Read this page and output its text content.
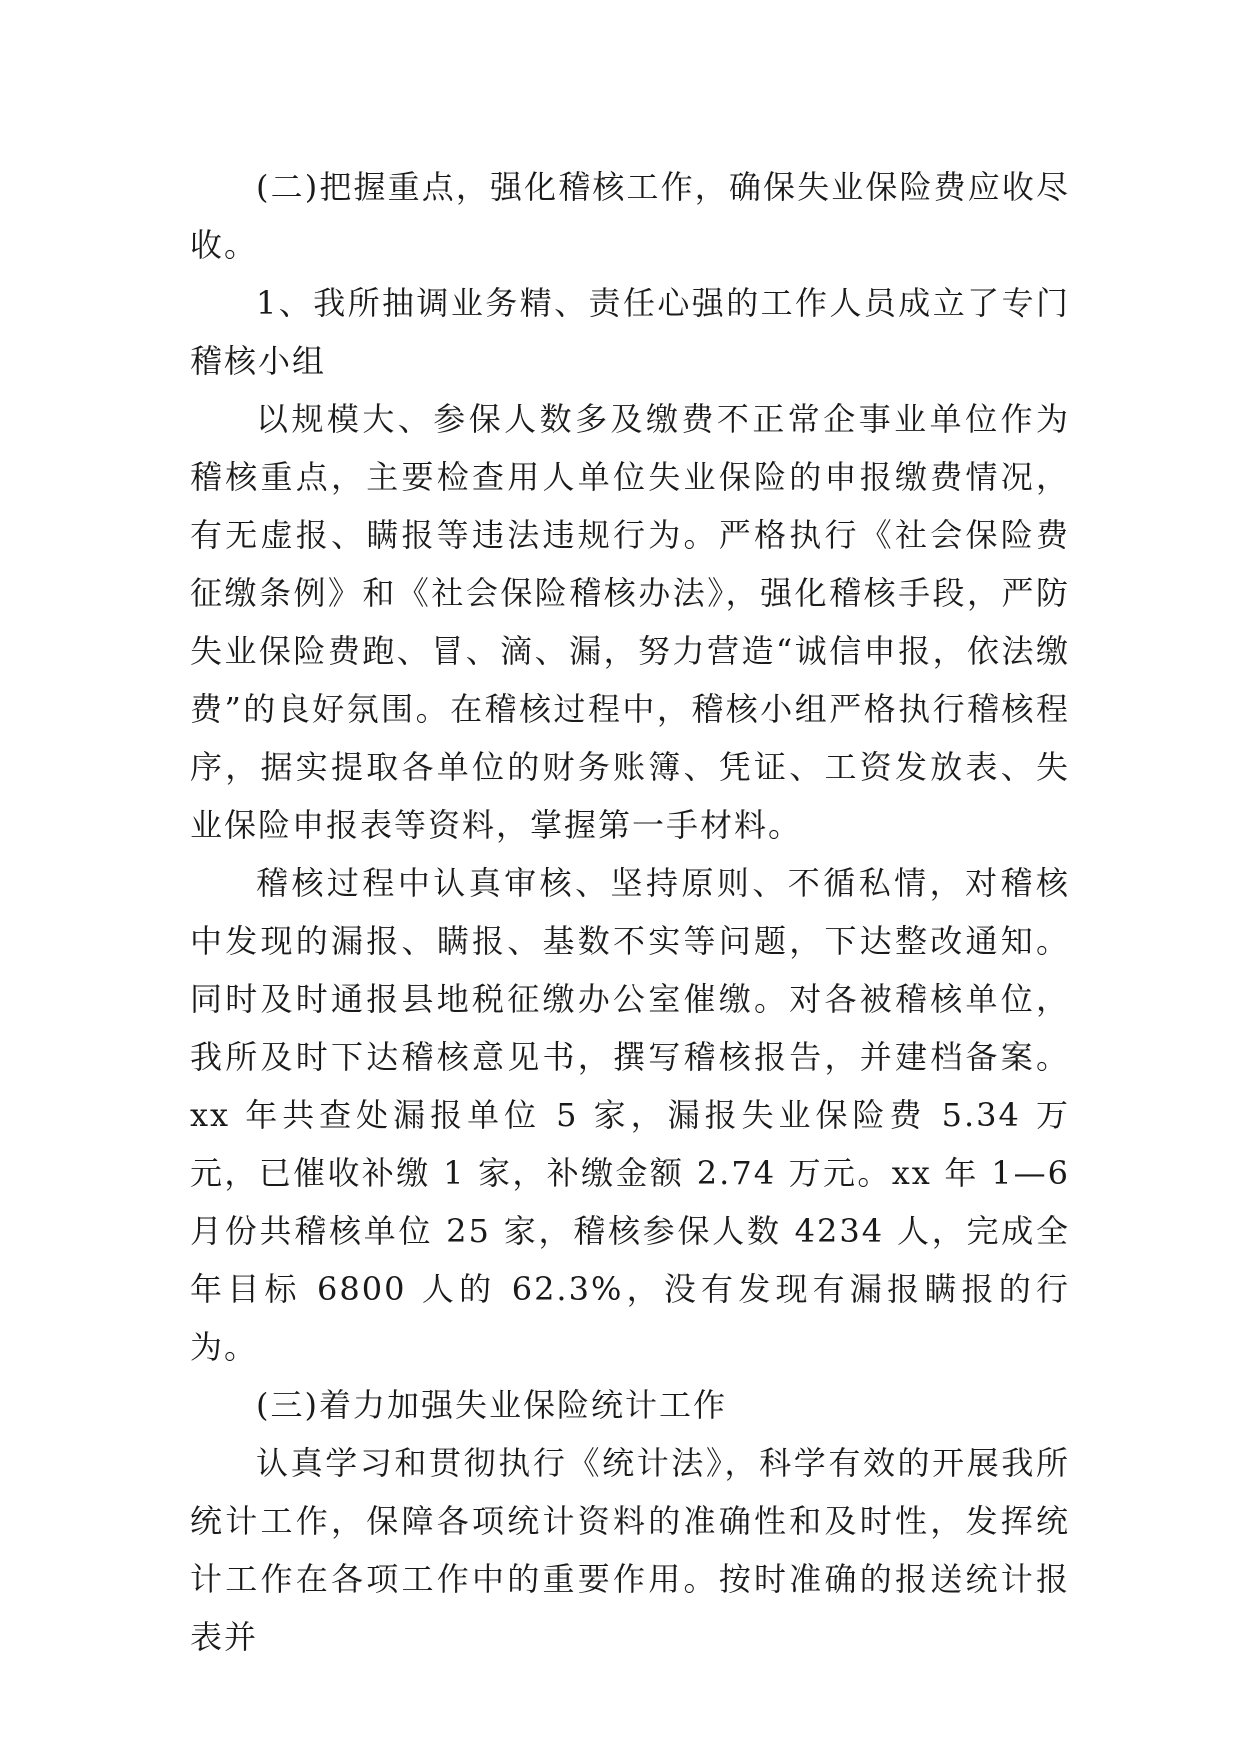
(二)把握重点，强化稽核工作，确保失业保险费应收尽收。

1、我所抽调业务精、责任心强的工作人员成立了专门稽核小组

以规模大、参保人数多及缴费不正常企事业单位作为稽核重点，主要检查用人单位失业保险的申报缴费情况，有无虚报、瞒报等违法违规行为。严格执行《社会保险费征缴条例》和《社会保险稽核办法》，强化稽核手段，严防失业保险费跑、冒、滴、漏，努力营造“诚信申报，依法缴费”的良好氛围。在稽核过程中，稽核小组严格执行稽核程序，据实提取各单位的财务账簿、凭证、工资发放表、失业保险申报表等资料，掌握第一手材料。

稽核过程中认真审核、坚持原则、不循私情，对稽核中发现的漏报、瞒报、基数不实等问题，下达整改通知。同时及时通报县地税征缴办公室催缴。对各被稽核单位，我所及时下达稽核意见书，撰写稽核报告，并建档备案。xx 年共查处漏报单位 5 家，漏报失业保险费 5.34 万元，已催收补缴 1 家，补缴金额 2.74 万元。xx 年 1—6 月份共稽核单位 25 家，稽核参保人数 4234 人，完成全年目标 6800 人的 62.3%，没有发现有漏报瞒报的行为。

(三)着力加强失业保险统计工作

认真学习和贯彻执行《统计法》，科学有效的开展我所统计工作，保障各项统计资料的准确性和及时性，发挥统计工作在各项工作中的重要作用。按时准确的报送统计报表并
